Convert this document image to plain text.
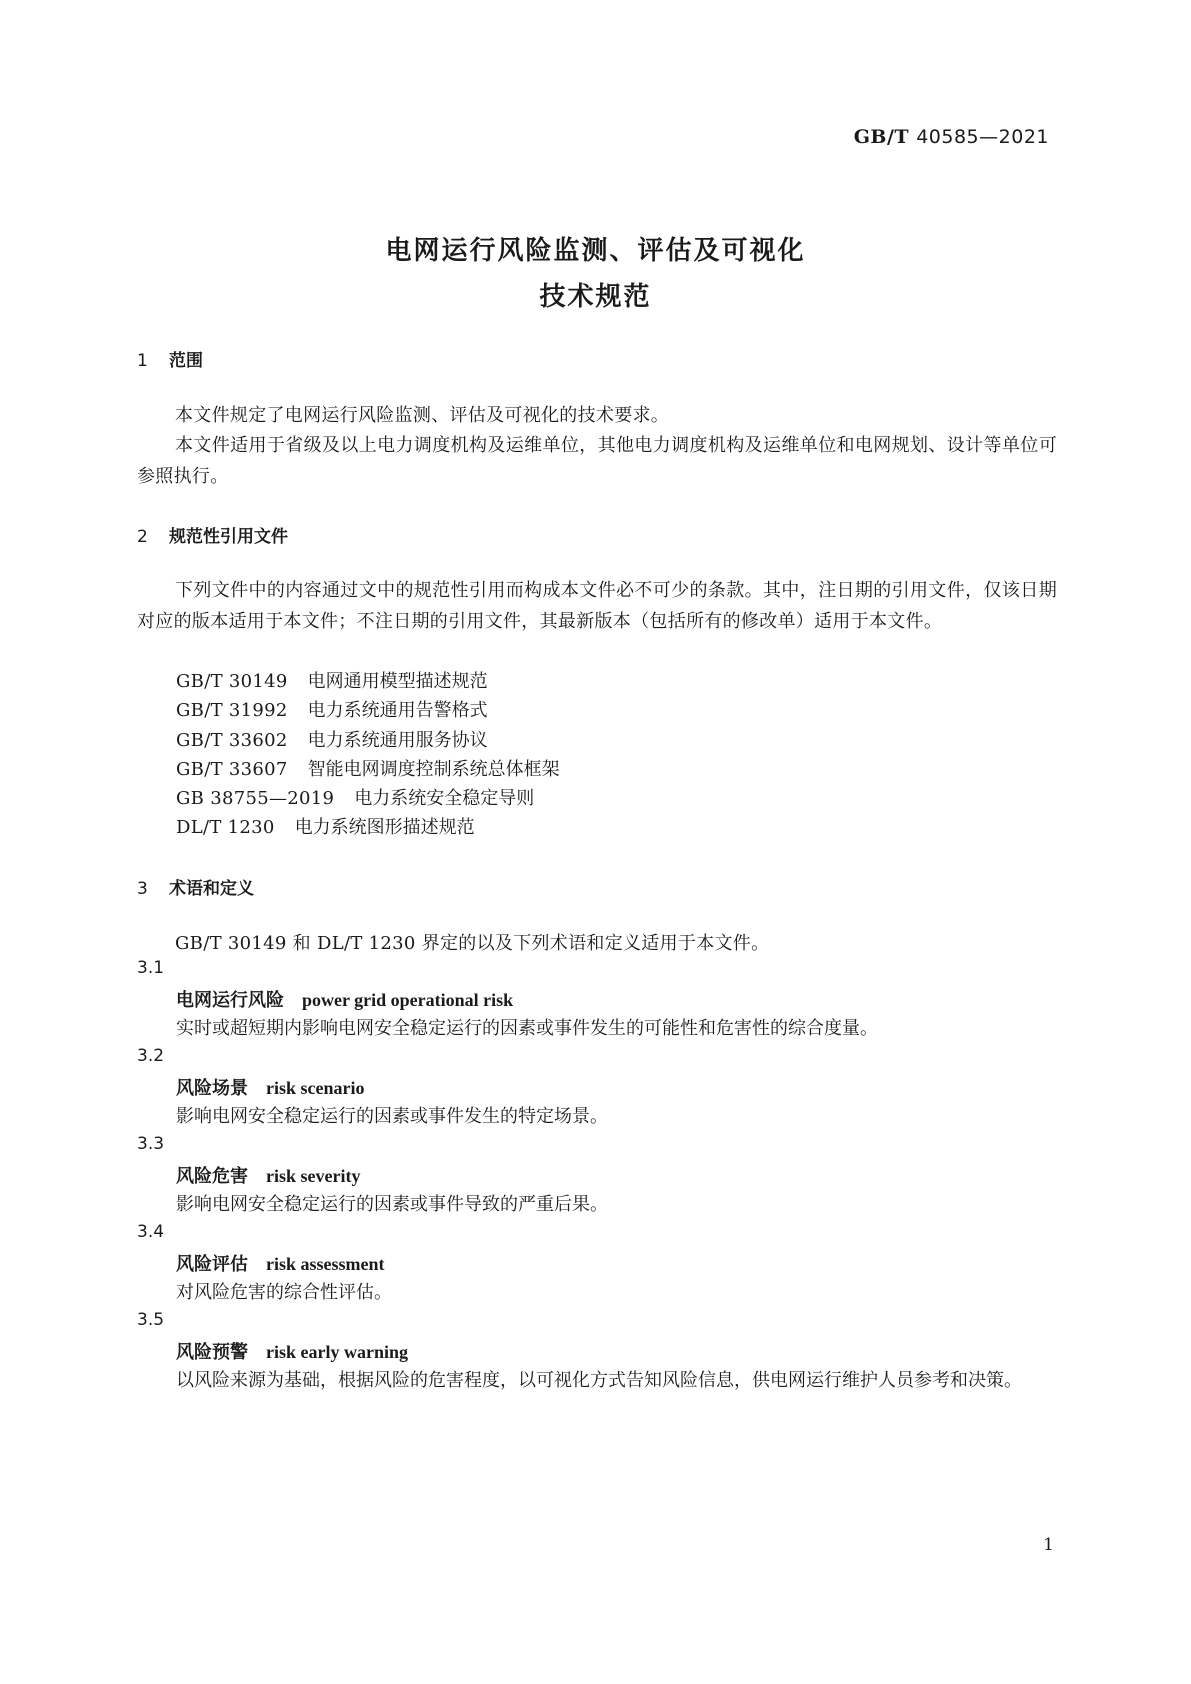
GB/T 40585—2021
电网运行风险监测、评估及可视化
技术规范
1 范围
本文件规定了电网运行风险监测、评估及可视化的技术要求。
本文件适用于省级及以上电力调度机构及运维单位，其他电力调度机构及运维单位和电网规划、设计等单位可参照执行。
2 规范性引用文件
下列文件中的内容通过文中的规范性引用而构成本文件必不可少的条款。其中，注日期的引用文件，仅该日期对应的版本适用于本文件；不注日期的引用文件，其最新版本（包括所有的修改单）适用于本文件。
GB/T 30149 电网通用模型描述规范
GB/T 31992 电力系统通用告警格式
GB/T 33602 电力系统通用服务协议
GB/T 33607 智能电网调度控制系统总体框架
GB 38755—2019 电力系统安全稳定导则
DL/T 1230 电力系统图形描述规范
3 术语和定义
GB/T 30149 和 DL/T 1230 界定的以及下列术语和定义适用于本文件。
3.1
电网运行风险 power grid operational risk
实时或超短期内影响电网安全稳定运行的因素或事件发生的可能性和危害性的综合度量。
3.2
风险场景 risk scenario
影响电网安全稳定运行的因素或事件发生的特定场景。
3.3
风险危害 risk severity
影响电网安全稳定运行的因素或事件导致的严重后果。
3.4
风险评估 risk assessment
对风险危害的综合性评估。
3.5
风险预警 risk early warning
以风险来源为基础，根据风险的危害程度，以可视化方式告知风险信息，供电网运行维护人员参考和决策。
1
